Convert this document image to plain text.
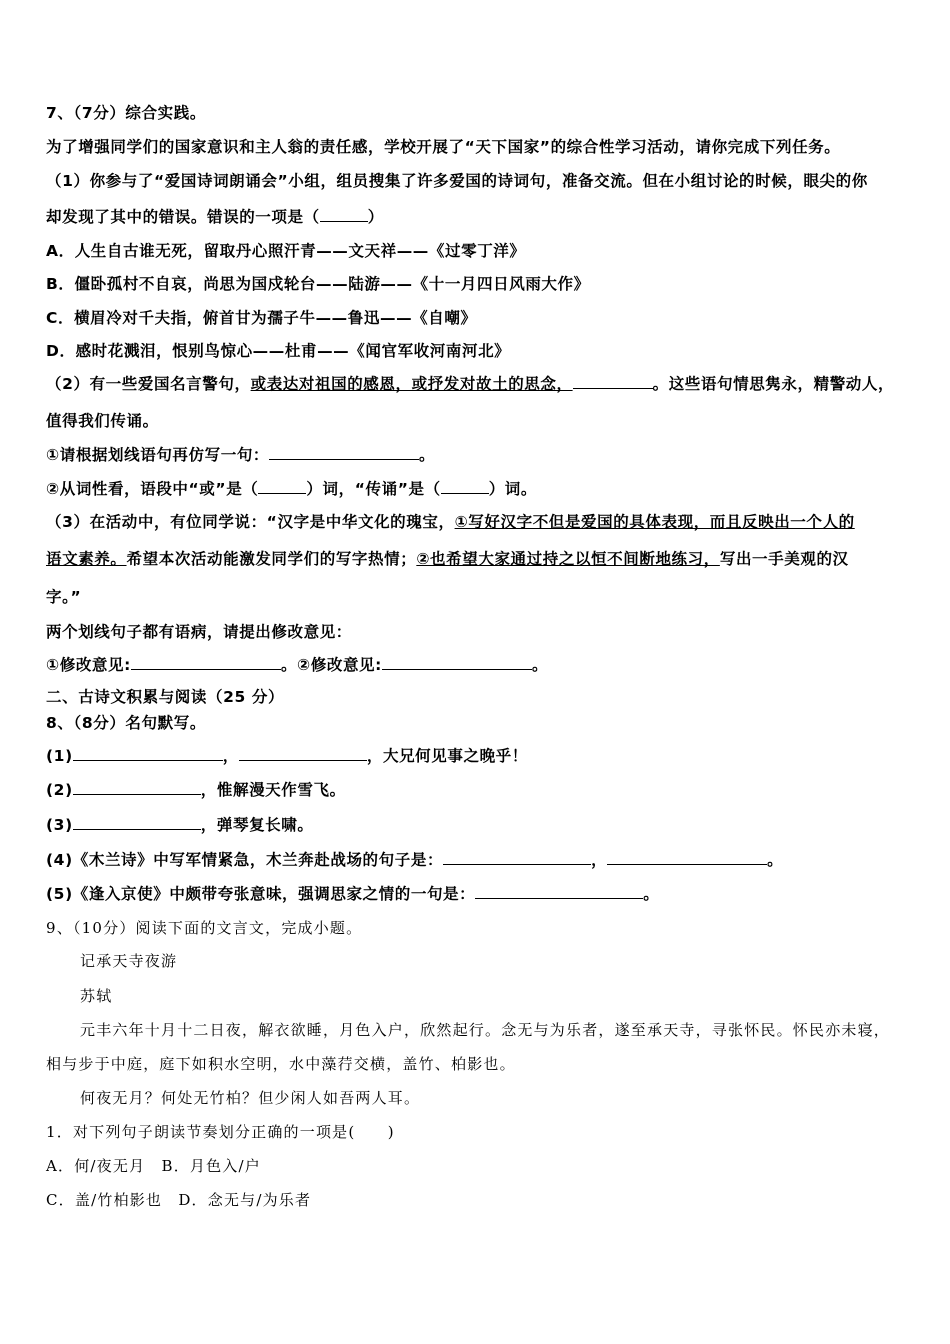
7、（7分）综合实践。
为了增强同学们的国家意识和主人翁的责任感，学校开展了“天下国家”的综合性学习活动，请你完成下列任务。
（1）你参与了“爱国诗词朗诵会”小组，组员搜集了许多爱国的诗词句，准备交流。但在小组讨论的时候，眼尖的你
却发现了其中的错误。错误的一项是（	）
A．人生自古谁无死，留取丹心照汗青——文天祥——《过零丁洋》
B．僵卧孤村不自哀，尚思为国戍轮台——陆游——《十一月四日风雨大作》
C．横眉冷对千夫指，俯首甘为孺子牛——鲁迅——《自嘲》
D．感时花溅泪，恨别鸟惊心——杜甫——《闻官军收河南河北》
（2）有一些爱国名言警句，或表达对祖国的感恩，或抒发对故土的思念，	。这些语句情思隽永，精警动人，
值得我们传诵。
①请根据划线语句再仿写一句：	。
②从词性看，语段中“或”是（	）词，“传诵”是（	）词。
（3）在活动中，有位同学说：“汉字是中华文化的瑰宝，①写好汉字不但是爱国的具体表现，而且反映出一个人的
语文素养。希望本次活动能激发同学们的写字热情；②也希望大家通过持之以恒不间断地练习，写出一手美观的汉
字。”
两个划线句子都有语病，请提出修改意见：
①修改意见:	。②修改意见:	。
二、古诗文积累与阅读（25 分）
8、（8分）名句默写。
(1)	，	，大兄何见事之晚乎！
(2)	，惟解漫天作雪飞。
(3)	，弹琴复长啸。
(4)《木兰诗》中写军情紧急，木兰奔赴战场的句子是：	，	。
(5)《逢入京使》中颇带夸张意味，强调思家之情的一句是：	。
9、（10分）阅读下面的文言文，完成小题。
记承天寺夜游
苏轼
元丰六年十月十二日夜，解衣欲睡，月色入户，欣然起行。念无与为乐者，遂至承天寺，寻张怀民。怀民亦未寝，
相与步于中庭，庭下如积水空明，水中藻荇交横，盖竹、柏影也。
何夜无月？何处无竹柏？但少闲人如吾两人耳。
1．对下列句子朗读节奏划分正确的一项是(　　)
A．何/夜无月　B．月色入/户
C．盖/竹柏影也　D．念无与/为乐者
